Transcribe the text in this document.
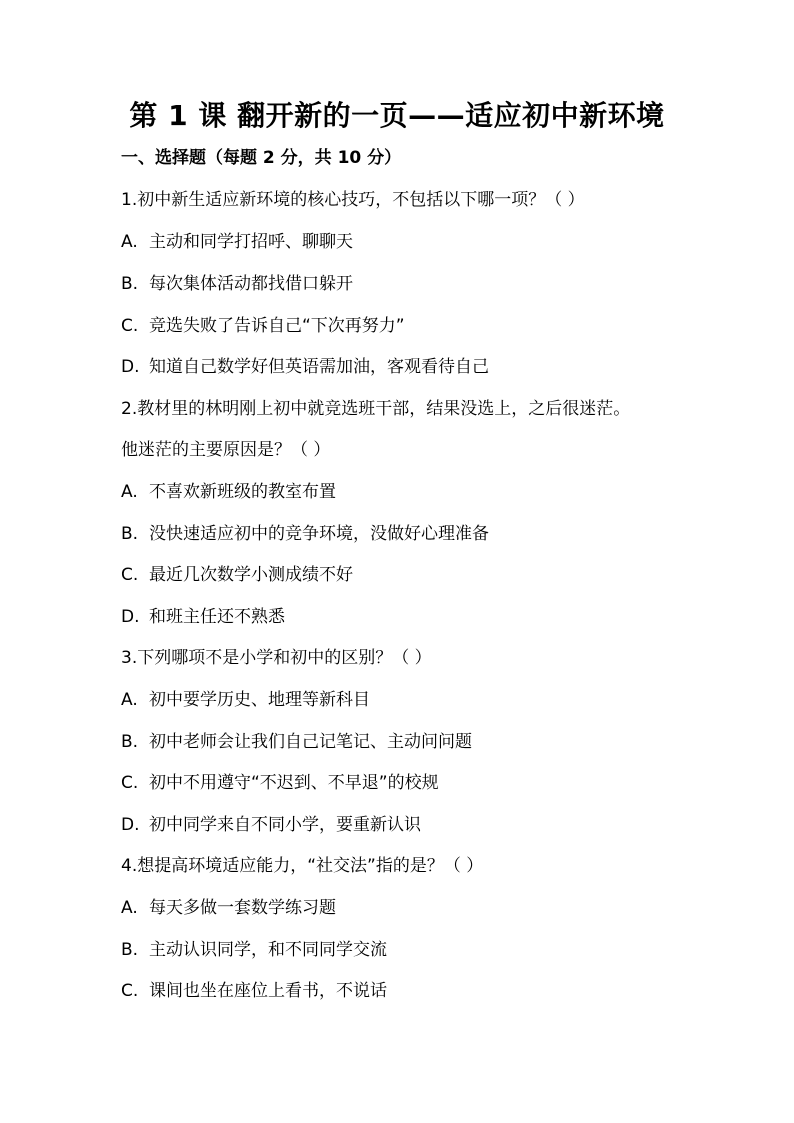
第 1 课 翻开新的一页——适应初中新环境
一、选择题（每题 2 分，共 10 分）
1.初中新生适应新环境的核心技巧，不包括以下哪一项？（ ）
A. 主动和同学打招呼、聊聊天
B. 每次集体活动都找借口躲开
C. 竞选失败了告诉自己“下次再努力”
D. 知道自己数学好但英语需加油，客观看待自己
2.教材里的林明刚上初中就竞选班干部，结果没选上，之后很迷茫。
他迷茫的主要原因是？（ ）
A. 不喜欢新班级的教室布置
B. 没快速适应初中的竞争环境，没做好心理准备
C. 最近几次数学小测成绩不好
D. 和班主任还不熟悉
3.下列哪项不是小学和初中的区别？（ ）
A. 初中要学历史、地理等新科目
B. 初中老师会让我们自己记笔记、主动问问题
C. 初中不用遵守“不迟到、不早退”的校规
D. 初中同学来自不同小学，要重新认识
4.想提高环境适应能力，“社交法”指的是？（ ）
A. 每天多做一套数学练习题
B. 主动认识同学，和不同同学交流
C. 课间也坐在座位上看书，不说话
